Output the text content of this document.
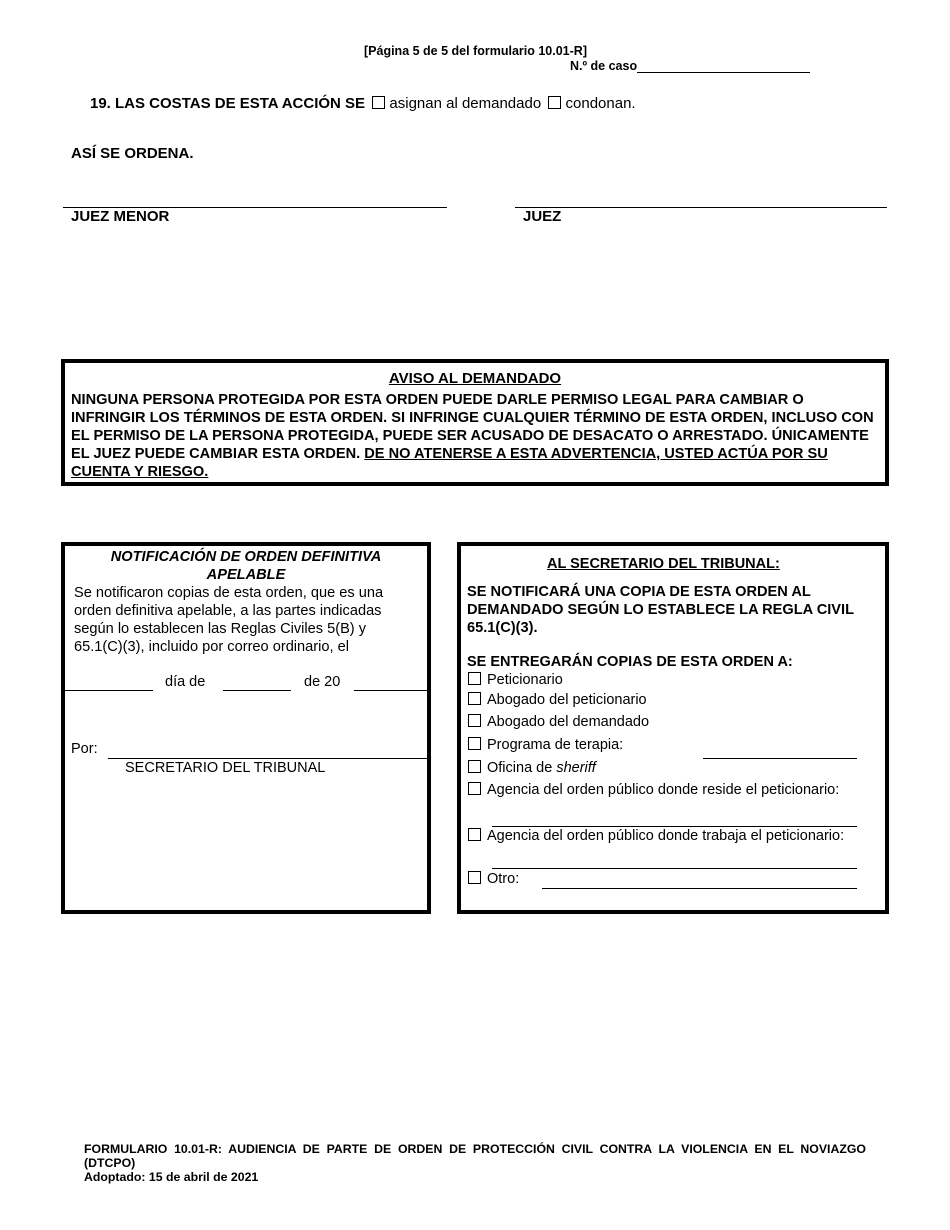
[Página 5 de 5 del formulario 10.01-R]
N.º de caso
19. LAS COSTAS DE ESTA ACCIÓN SE asignan al demandado condonan.
ASÍ SE ORDENA.
JUEZ MENOR	JUEZ
AVISO AL DEMANDADO
NINGUNA PERSONA PROTEGIDA POR ESTA ORDEN PUEDE DARLE PERMISO LEGAL PARA CAMBIAR O INFRINGIR LOS TÉRMINOS DE ESTA ORDEN. SI INFRINGE CUALQUIER TÉRMINO DE ESTA ORDEN, INCLUSO CON EL PERMISO DE LA PERSONA PROTEGIDA, PUEDE SER ACUSADO DE DESACATO O ARRESTADO. ÚNICAMENTE EL JUEZ PUEDE CAMBIAR ESTA ORDEN. DE NO ATENERSE A ESTA ADVERTENCIA, USTED ACTÚA POR SU CUENTA Y RIESGO.
NOTIFICACIÓN DE ORDEN DEFINITIVA APELABLE
Se notificaron copias de esta orden, que es una orden definitiva apelable, a las partes indicadas según lo establecen las Reglas Civiles 5(B) y 65.1(C)(3), incluido por correo ordinario, el
día de	de 20
Por:
SECRETARIO DEL TRIBUNAL
AL SECRETARIO DEL TRIBUNAL:
SE NOTIFICARÁ UNA COPIA DE ESTA ORDEN AL DEMANDADO SEGÚN LO ESTABLECE LA REGLA CIVIL 65.1(C)(3).
SE ENTREGARÁN COPIAS DE ESTA ORDEN A:
Peticionario
Abogado del peticionario
Abogado del demandado
Programa de terapia:
Oficina de sheriff
Agencia del orden público donde reside el peticionario:
Agencia del orden público donde trabaja el peticionario:
Otro:
FORMULARIO 10.01-R: AUDIENCIA DE PARTE DE ORDEN DE PROTECCIÓN CIVIL CONTRA LA VIOLENCIA EN EL NOVIAZGO (DTCPO)
Adoptado: 15 de abril de 2021
